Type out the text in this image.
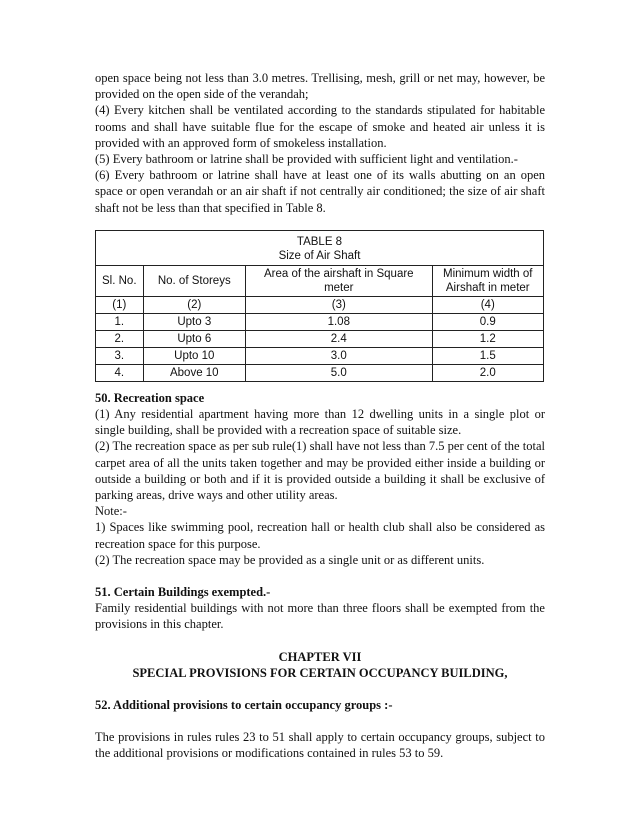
open space being not less than 3.0 metres. Trellising, mesh, grill or net may, however, be provided on the open side of the verandah;

(4) Every kitchen shall be ventilated according to the standards stipulated for habitable rooms and shall have suitable flue for the escape of smoke and heated air unless it is provided with an approved form of smokeless installation.

(5) Every bathroom or latrine shall be provided with sufficient light and ventilation.-

(6) Every bathroom or latrine shall have at least one of its walls abutting on an open space or open verandah or an air shaft if not centrally air conditioned; the size of air shaft shaft not be less than that specified in Table 8.

TABLE 8
Size of Air Shaft			

Sl. No.	No. of Storeys	Area of the airshaft in Square meter	Minimum width of Airshaft in meter
(1)	(2)	(3)	(4)
1.	Upto 3	1.08	0.9
2.	Upto 6	2.4	1.2
3.	Upto 10	3.0	1.5
4.	Above 10	5.0	2.0

50. Recreation space

(1) Any residential apartment having more than 12 dwelling units in a single plot or single building, shall be provided with a recreation space of suitable size.

(2) The recreation space as per sub rule(1) shall have not less than 7.5 per cent of the total carpet area of all the units taken together and may be provided either inside a building or outside a building or both and if it is provided outside a building it shall be exclusive of parking areas, drive ways and other utility areas.

Note:-

1) Spaces like swimming pool, recreation hall or health club shall also be considered as recreation space for this purpose.

(2) The recreation space may be provided as a single unit or as different units.

51. Certain Buildings exempted.-

Family residential buildings with not more than three floors shall be exempted from the provisions in this chapter.

CHAPTER VII

SPECIAL PROVISIONS FOR CERTAIN OCCUPANCY BUILDING,

52. Additional provisions to certain occupancy groups :-

The provisions in rules rules 23 to 51 shall apply to certain occupancy groups, subject to the additional provisions or modifications contained in rules 53 to 59.
